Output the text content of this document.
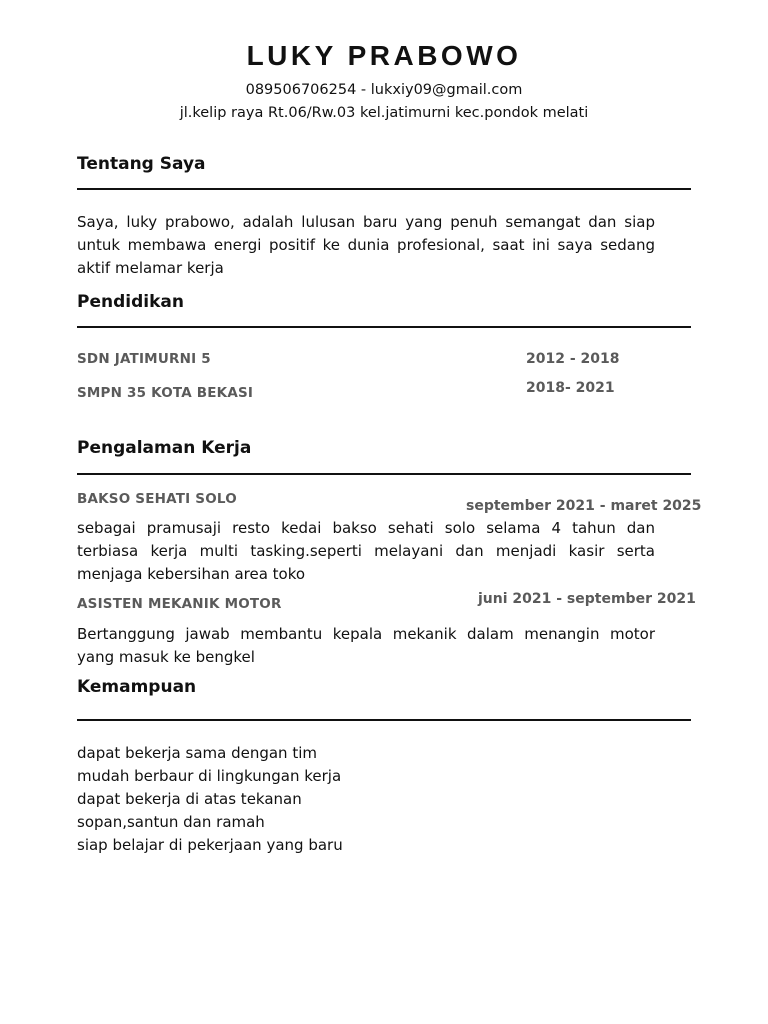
LUKY PRABOWO
089506706254 - lukxiy09@gmail.com
jl.kelip raya Rt.06/Rw.03 kel.jatimurni kec.pondok melati
Tentang Saya
Saya, luky prabowo, adalah lulusan baru yang penuh semangat dan siap untuk membawa energi positif ke dunia profesional, saat ini saya sedang aktif melamar kerja
Pendidikan
SDN JATIMURNI 5	2012 - 2018
SMPN 35 KOTA BEKASI	2018- 2021
Pengalaman Kerja
BAKSO SEHATI SOLO	september 2021 - maret 2025
sebagai pramusaji resto kedai bakso sehati solo selama 4 tahun dan terbiasa kerja multi tasking.seperti melayani dan menjadi kasir serta menjaga kebersihan area toko
ASISTEN MEKANIK MOTOR	juni 2021 - september 2021
Bertanggung jawab membantu kepala mekanik dalam menangin motor yang masuk ke bengkel
Kemampuan
dapat bekerja sama dengan tim
mudah berbaur di lingkungan kerja
dapat bekerja di atas tekanan
sopan,santun dan ramah
siap belajar di pekerjaan yang baru
